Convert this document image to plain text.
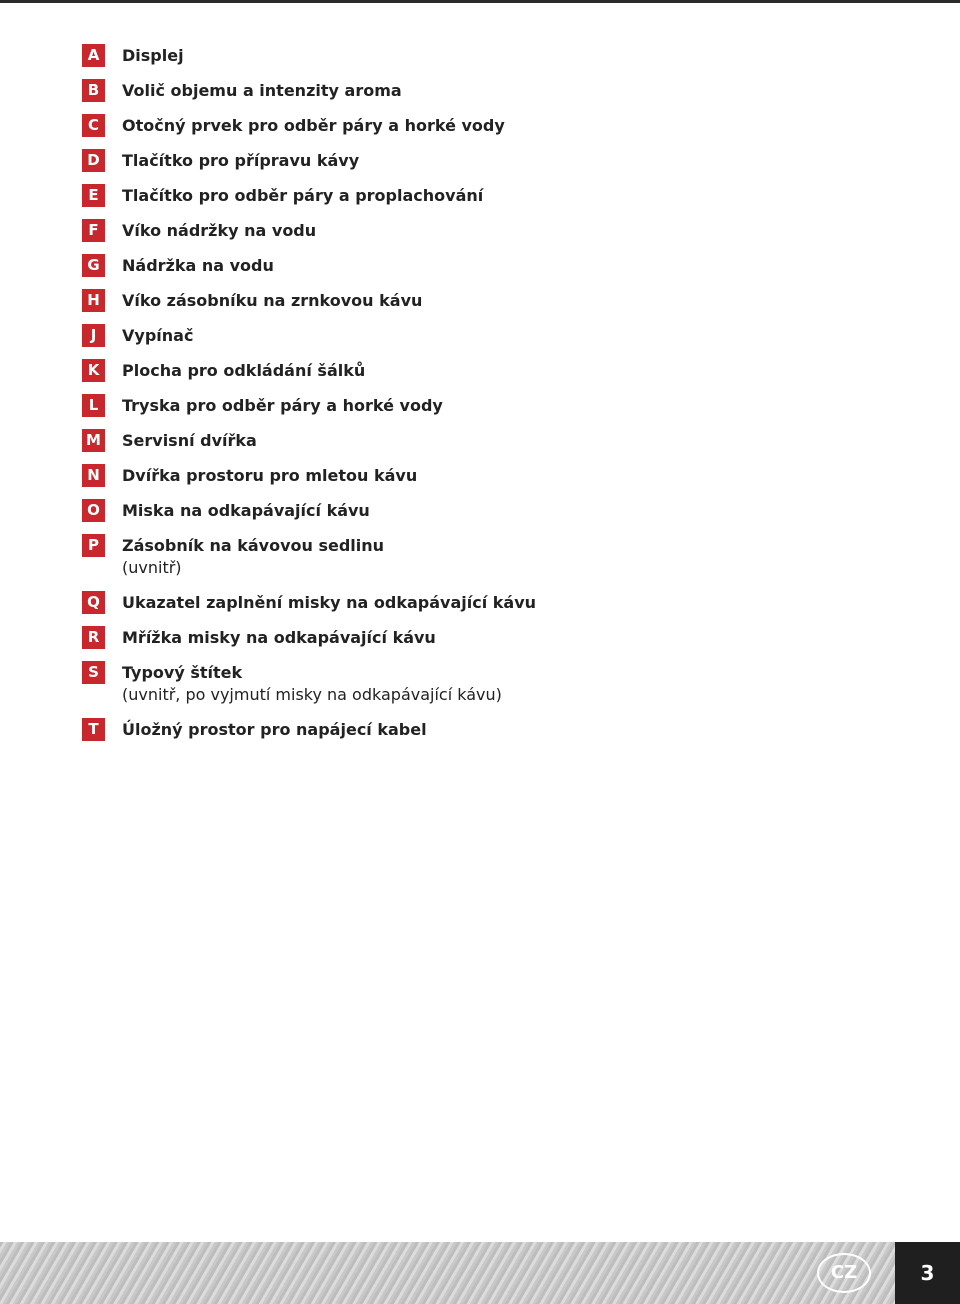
A	Displej
B	Volič objemu a intenzity aroma
C	Otočný prvek pro odběr páry a horké vody
D	Tlačítko pro přípravu kávy
E	Tlačítko pro odběr páry a proplachování
F	Víko nádržky na vodu
G	Nádržka na vodu
H	Víko zásobníku na zrnkovou kávu
J	Vypínač
K	Plocha pro odkládání šálků
L	Tryska pro odběr páry a horké vody
M Servisní dvířka
N	Dvířka prostoru pro mletou kávu
O	Miska na odkapávající kávu
P	Zásobník na kávovou sedlinu
(uvnitř)
Q	Ukazatel zaplnění misky na odkapávající kávu
R	Mřížka misky na odkapávající kávu
S	Typový štítek
(uvnitř, po vyjmutí misky na odkapávající kávu)
T	Úložný prostor pro napájecí kabel
CZ	3
